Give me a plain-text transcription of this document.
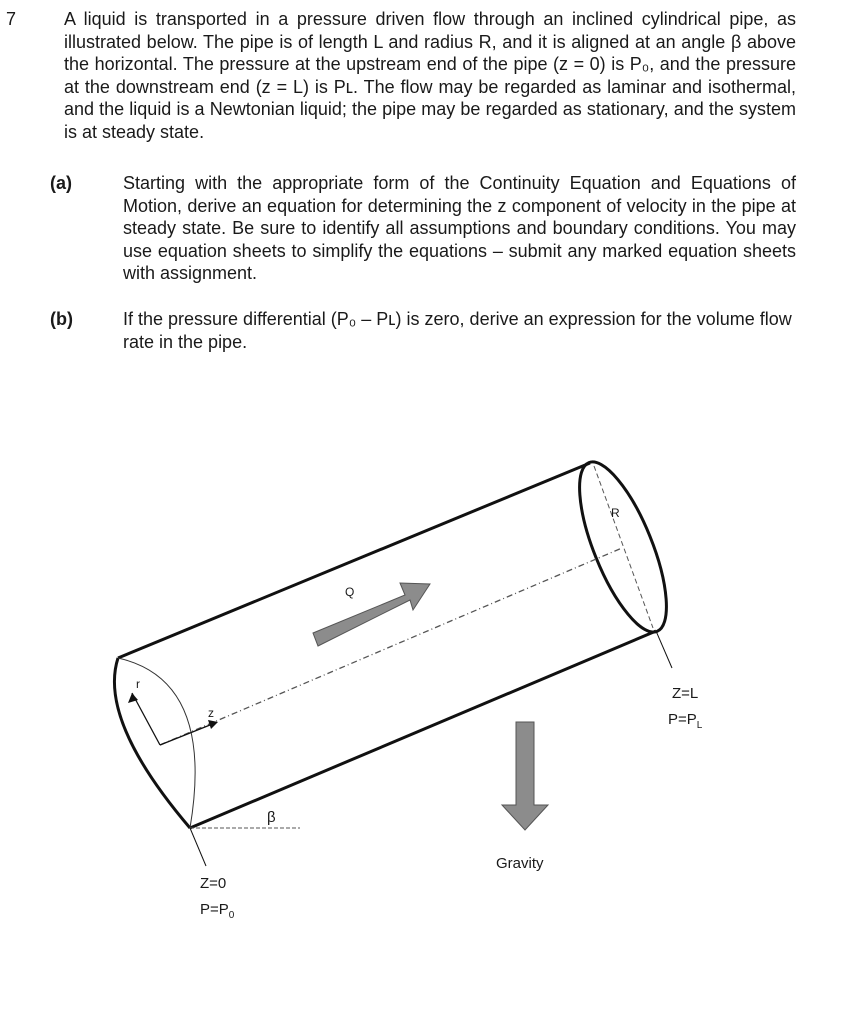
7	A liquid is transported in a pressure driven flow through an inclined cylindrical pipe, as illustrated below. The pipe is of length L and radius R, and it is aligned at an angle β above the horizontal. The pressure at the upstream end of the pipe (z = 0) is P₀, and the pressure at the downstream end (z = L) is Pʟ. The flow may be regarded as laminar and isothermal, and the liquid is a Newtonian liquid; the pipe may be regarded as stationary, and the system is at steady state.
(a)	Starting with the appropriate form of the Continuity Equation and Equations of Motion, derive an equation for determining the z component of velocity in the pipe at steady state. Be sure to identify all assumptions and boundary conditions. You may use equation sheets to simplify the equations – submit any marked equation sheets with assignment.
(b)	If the pressure differential (P₀ – Pʟ) is zero, derive an expression for the volume flow rate in the pipe.
R
Q
r
z
β
Gravity
Z=0
$P=P_0$
Z=L
$P=P_L$
